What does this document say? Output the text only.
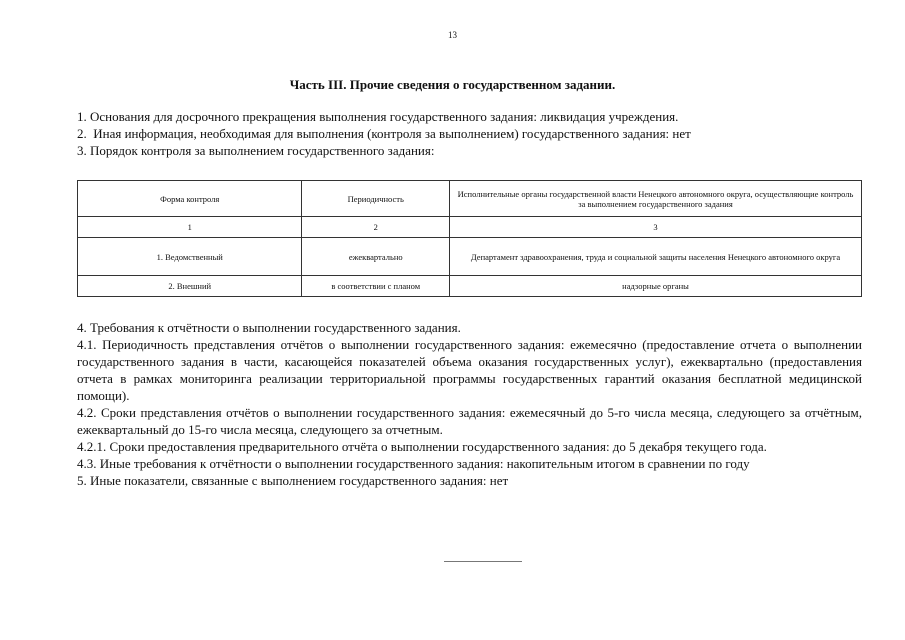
13
Часть III. Прочие сведения о государственном задании.

1. Основания для досрочного прекращения выполнения государственного задания: ликвидация учреждения.

2.  Иная информация, необходимая для выполнения (контроля за выполнением) государственного задания: нет

3. Порядок контроля за выполнением государственного задания:

Форма контроля	Периодичность	Исполнительные органы государственной власти Ненецкого автономного округа, осуществляющие контроль за выполнением государственного задания
1	2	3
1. Ведомственный	ежеквартально	Департамент здравоохранения, труда и социальной защиты населения Ненецкого автономного округа
2. Внешний	в соответствии с планом	надзорные органы

4. Требования к отчётности о выполнении государственного задания.

4.1. Периодичность представления отчётов о выполнении государственного задания: ежемесячно (предоставление отчета о выполнении государственного задания в части, касающейся показателей объема оказания государственных услуг), ежеквартально (предоставления отчета в рамках мониторинга реализации территориальной программы государственных гарантий оказания бесплатной медицинской помощи).

4.2. Сроки представления отчётов о выполнении государственного задания: ежемесячный до 5-го числа месяца, следующего за отчётным, ежеквартальный до 15-го числа месяца, следующего за отчетным.

4.2.1. Сроки предоставления предварительного отчёта о выполнении государственного задания: до 5 декабря текущего года.

4.3. Иные требования к отчётности о выполнении государственного задания: накопительным итогом в сравнении по году

5. Иные показатели, связанные с выполнением государственного задания: нет
